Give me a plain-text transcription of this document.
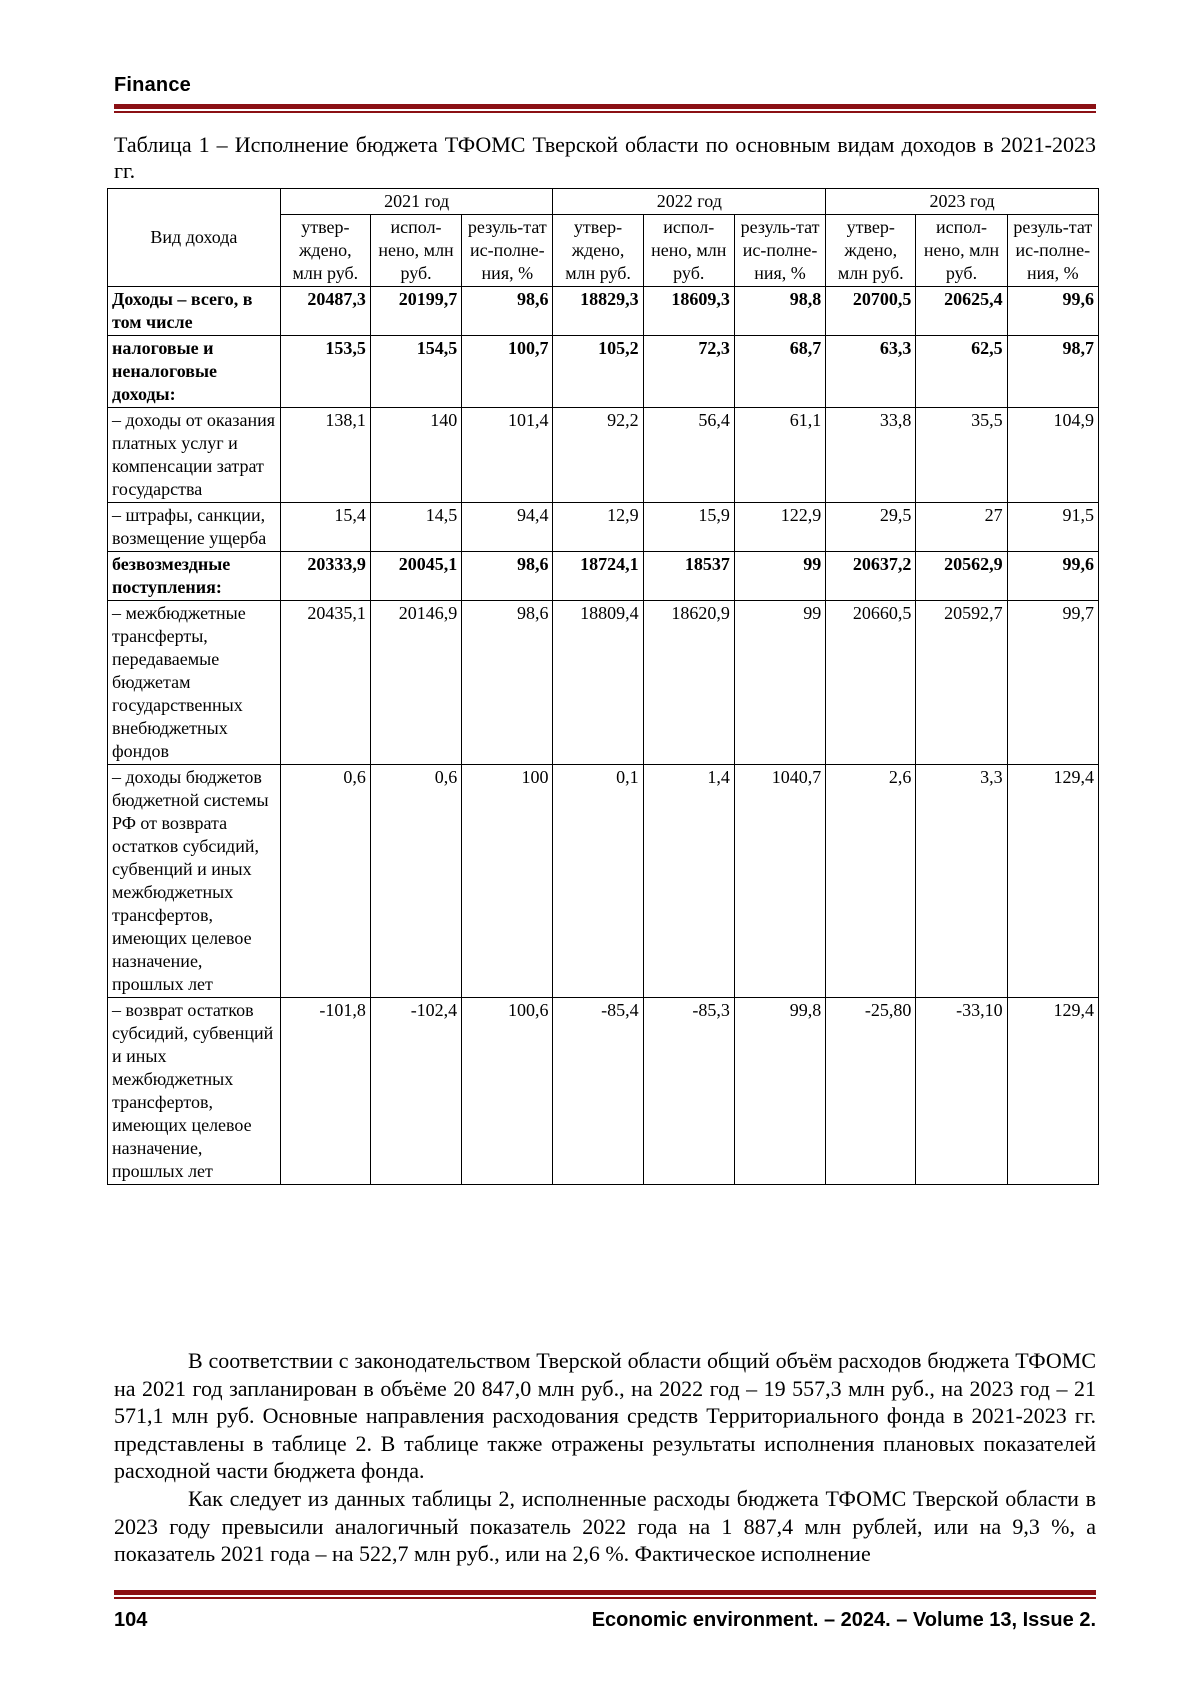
Finance
Таблица 1 – Исполнение бюджета ТФОМС Тверской области по основным видам доходов в 2021-2023 гг.
Вид дохода	2021 год			2022 год			2023 год		
	утвер-ждено, млн руб.	испол-нено, млн руб.	резуль-тат ис-полне-ния, %	утвер-ждено, млн руб.	испол-нено, млн руб.	резуль-тат ис-полне-ния, %	утвер-ждено, млн руб.	испол-нено, млн руб.	резуль-тат ис-полне-ния, %
Доходы – всего, в том числе	20487,3	20199,7	98,6	18829,3	18609,3	98,8	20700,5	20625,4	99,6
налоговые и неналоговые доходы:	153,5	154,5	100,7	105,2	72,3	68,7	63,3	62,5	98,7
– доходы от оказания платных услуг и компенсации затрат государства	138,1	140	101,4	92,2	56,4	61,1	33,8	35,5	104,9
– штрафы, санкции, возмещение ущерба	15,4	14,5	94,4	12,9	15,9	122,9	29,5	27	91,5
безвозмездные поступления:	20333,9	20045,1	98,6	18724,1	18537	99	20637,2	20562,9	99,6
– межбюджетные трансферты, передаваемые бюджетам государственных внебюджетных фондов	20435,1	20146,9	98,6	18809,4	18620,9	99	20660,5	20592,7	99,7
– доходы бюджетов бюджетной системы РФ от возврата остатков субсидий, субвенций и иных межбюджетных трансфертов, имеющих целевое назначение, прошлых лет	0,6	0,6	100	0,1	1,4	1040,7	2,6	3,3	129,4
– возврат остатков субсидий, субвенций и иных межбюджетных трансфертов, имеющих целевое назначение, прошлых лет	-101,8	-102,4	100,6	-85,4	-85,3	99,8	-25,80	-33,10	129,4

В соответствии с законодательством Тверской области общий объём расходов бюджета ТФОМС на 2021 год запланирован в объёме 20 847,0 млн руб., на 2022 год – 19 557,3 млн руб., на 2023 год – 21 571,1 млн руб. Основные направления расходования средств Территориального фонда в 2021-2023 гг. представлены в таблице 2. В таблице также отражены результаты исполнения плановых показателей расходной части бюджета фонда.

Как следует из данных таблицы 2, исполненные расходы бюджета ТФОМС Тверской области в 2023 году превысили аналогичный показатель 2022 года на 1 887,4 млн рублей, или на 9,3 %, а показатель 2021 года – на 522,7 млн руб., или на 2,6 %. Фактическое исполнение

104	Economic environment. – 2024. – Volume 13, Issue 2.
